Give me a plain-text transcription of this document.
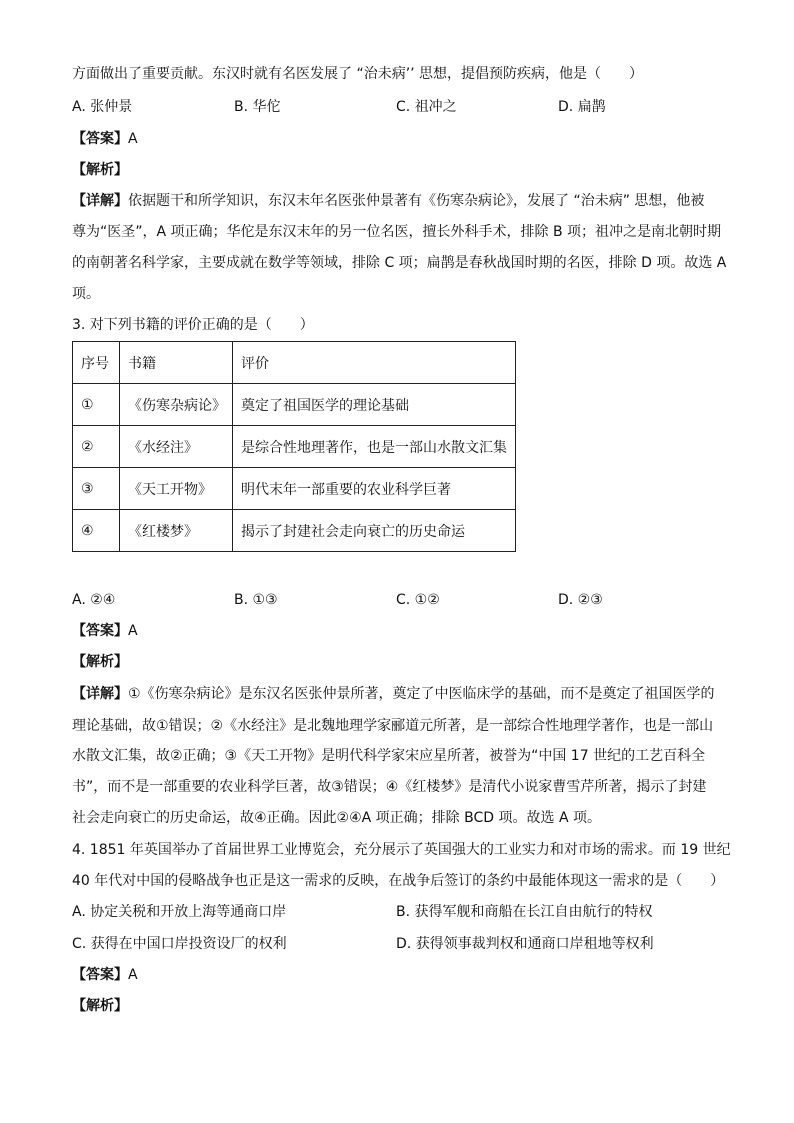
方面做出了重要贡献。东汉时就有名医发展了 “治未病’’ 思想，提倡预防疾病，他是（　　）
A. 张仲景	B. 华佗	C. 祖冲之	D. 扁鹊
【答案】A
【解析】
【详解】依据题干和所学知识，东汉末年名医张仲景著有《伤寒杂病论》，发展了 “治未病” 思想，他被
尊为“医圣”，A 项正确；华佗是东汉末年的另一位名医，擅长外科手术，排除 B 项；祖冲之是南北朝时期
的南朝著名科学家，主要成就在数学等领域，排除 C 项；扁鹊是春秋战国时期的名医，排除 D 项。故选 A
项。
3. 对下列书籍的评价正确的是（　　）
序号	书籍	评价
①	《伤寒杂病论》	奠定了祖国医学的理论基础
②	《水经注》	是综合性地理著作，也是一部山水散文汇集
③	《天工开物》	明代末年一部重要的农业科学巨著
④	《红楼梦》	揭示了封建社会走向衰亡的历史命运
A. ②④	B. ①③	C. ①②	D. ②③
【答案】A
【解析】
【详解】①《伤寒杂病论》是东汉名医张仲景所著，奠定了中医临床学的基础，而不是奠定了祖国医学的
理论基础，故①错误；②《水经注》是北魏地理学家郦道元所著，是一部综合性地理学著作，也是一部山
水散文汇集，故②正确；③《天工开物》是明代科学家宋应星所著，被誉为“中国 17 世纪的工艺百科全
书”，而不是一部重要的农业科学巨著，故③错误；④《红楼梦》是清代小说家曹雪芹所著，揭示了封建
社会走向衰亡的历史命运，故④正确。因此②④A 项正确；排除 BCD 项。故选 A 项。
4. 1851 年英国举办了首届世界工业博览会，充分展示了英国强大的工业实力和对市场的需求。而 19 世纪
40 年代对中国的侵略战争也正是这一需求的反映，在战争后签订的条约中最能体现这一需求的是（　　）
A. 协定关税和开放上海等通商口岸	B. 获得军舰和商船在长江自由航行的特权
C. 获得在中国口岸投资设厂的权利	D. 获得领事裁判权和通商口岸租地等权利
【答案】A
【解析】
